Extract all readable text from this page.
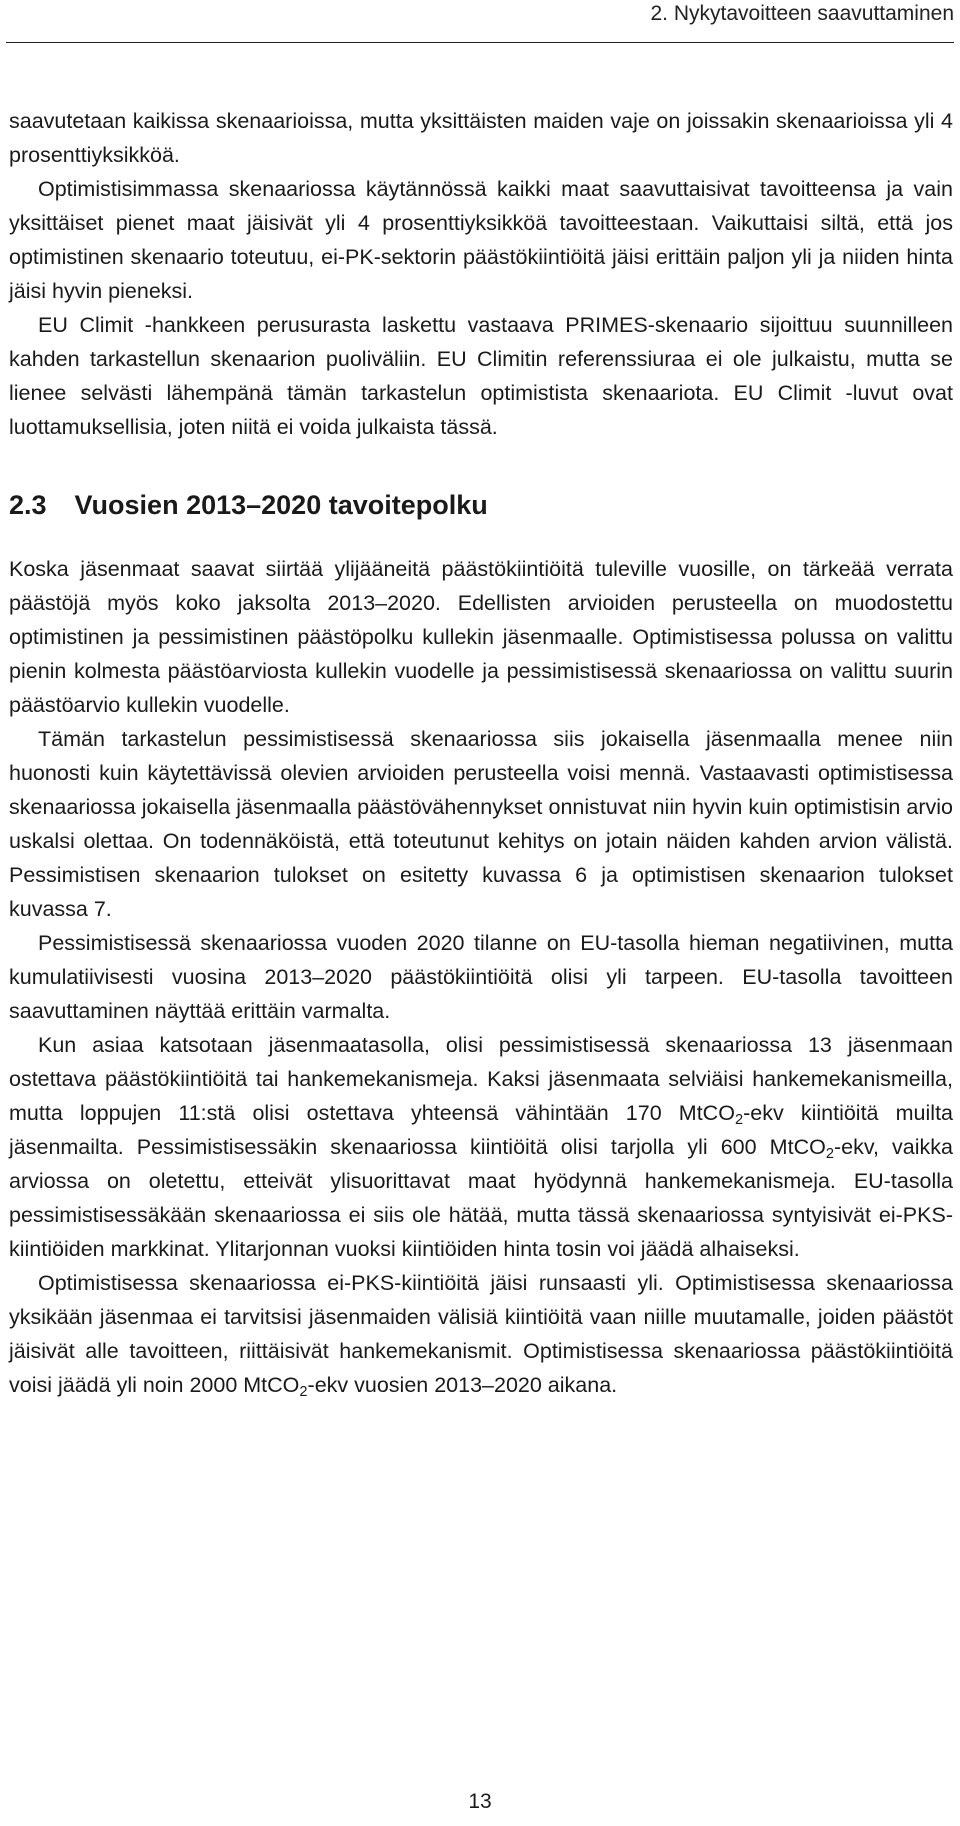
2. Nykytavoitteen saavuttaminen

saavutetaan kaikissa skenaarioissa, mutta yksittäisten maiden vaje on joissakin skenaarioissa yli 4 prosenttiyksikköä.

Optimistisimmassa skenaariossa käytännössä kaikki maat saavuttaisivat tavoitteensa ja vain yksittäiset pienet maat jäisivät yli 4 prosenttiyksikköä tavoitteestaan. Vaikuttaisi siltä, että jos optimistinen skenaario toteutuu, ei-PK-sektorin päästökiintiöitä jäisi erittäin paljon yli ja niiden hinta jäisi hyvin pieneksi.

EU Climit -hankkeen perusurasta laskettu vastaava PRIMES-skenaario sijoittuu suunnilleen kahden tarkastellun skenaarion puoliväliin. EU Climitin referenssiuraa ei ole julkaistu, mutta se lienee selvästi lähempänä tämän tarkastelun optimistista skenaariota. EU Climit -luvut ovat luottamuksellisia, joten niitä ei voida julkaista tässä.

2.3 Vuosien 2013–2020 tavoitepolku

Koska jäsenmaat saavat siirtää ylijääneitä päästökiintiöitä tuleville vuosille, on tärkeää verrata päästöjä myös koko jaksolta 2013–2020. Edellisten arvioiden perusteella on muodostettu optimistinen ja pessimistinen päästöpolku kullekin jäsenmaalle. Optimistisessa polussa on valittu pienin kolmesta päästöarviosta kullekin vuodelle ja pessimistisessä skenaariossa on valittu suurin päästöarvio kullekin vuodelle.

Tämän tarkastelun pessimistisessä skenaariossa siis jokaisella jäsenmaalla menee niin huonosti kuin käytettävissä olevien arvioiden perusteella voisi mennä. Vastaavasti optimistisessa skenaariossa jokaisella jäsenmaalla päästövähennykset onnistuvat niin hyvin kuin optimistisin arvio uskalsi olettaa. On todennäköistä, että toteutunut kehitys on jotain näiden kahden arvion välistä. Pessimistisen skenaarion tulokset on esitetty kuvassa 6 ja optimistisen skenaarion tulokset kuvassa 7.

Pessimistisessä skenaariossa vuoden 2020 tilanne on EU-tasolla hieman negatiivinen, mutta kumulatiivisesti vuosina 2013–2020 päästökiintiöitä olisi yli tarpeen. EU-tasolla tavoitteen saavuttaminen näyttää erittäin varmalta.

Kun asiaa katsotaan jäsenmaatasolla, olisi pessimistisessä skenaariossa 13 jäsenmaan ostettava päästökiintiöitä tai hankemekanismeja. Kaksi jäsenmaata selviäisi hankemekanismeilla, mutta loppujen 11:stä olisi ostettava yhteensä vähintään 170 MtCO$_2$-ekv kiintiöitä muilta jäsenmailta. Pessimistisessäkin skenaariossa kiintiöitä olisi tarjolla yli 600 MtCO$_2$-ekv, vaikka arviossa on oletettu, etteivät ylisuorittavat maat hyödynnä hankemekanismeja. EU-tasolla pessimistisessäkään skenaariossa ei siis ole hätää, mutta tässä skenaariossa syntyisivät ei-PKS-kiintiöiden markkinat. Ylitarjonnan vuoksi kiintiöiden hinta tosin voi jäädä alhaiseksi.

Optimistisessa skenaariossa ei-PKS-kiintiöitä jäisi runsaasti yli. Optimistisessa skenaariossa yksikään jäsenmaa ei tarvitsisi jäsenmaiden välisiä kiintiöitä vaan niille muutamalle, joiden päästöt jäisivät alle tavoitteen, riittäisivät hankemekanismit. Optimistisessa skenaariossa päästökiintiöitä voisi jäädä yli noin 2000 MtCO$_2$-ekv vuosien 2013–2020 aikana.

13
